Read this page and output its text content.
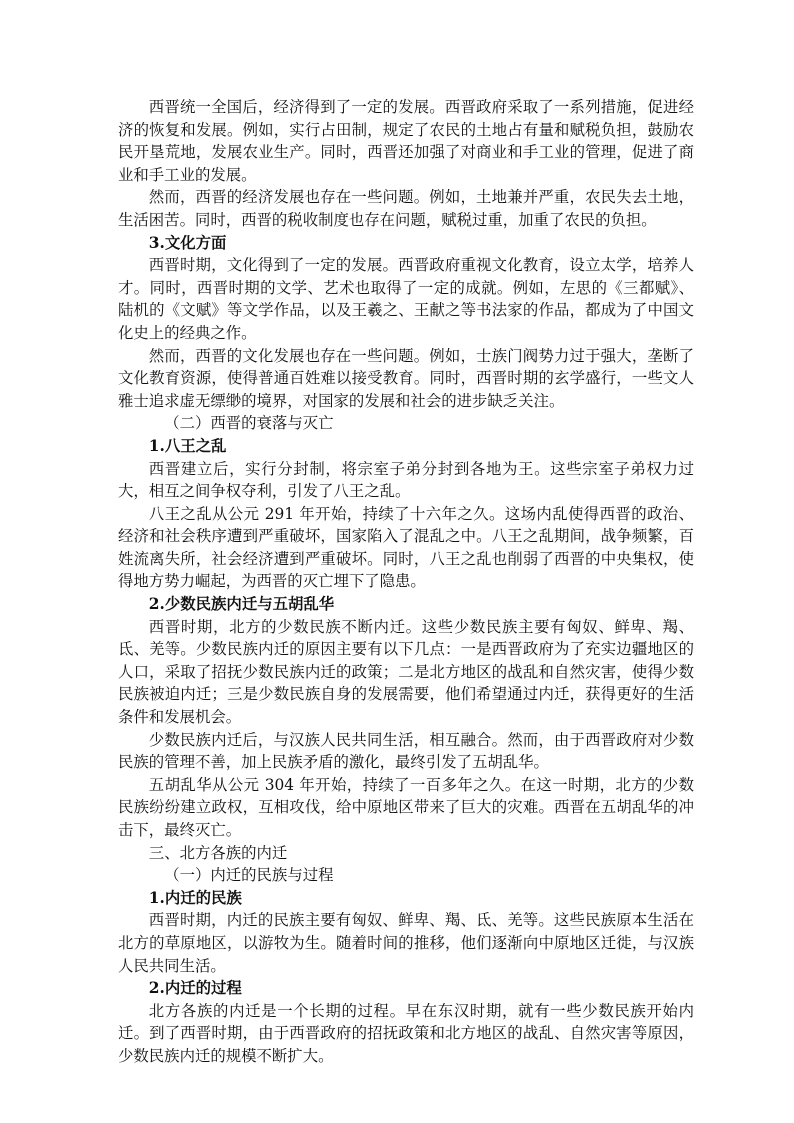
西晋统一全国后，经济得到了一定的发展。西晋政府采取了一系列措施，促进经济的恢复和发展。例如，实行占田制，规定了农民的土地占有量和赋税负担，鼓励农民开垦荒地，发展农业生产。同时，西晋还加强了对商业和手工业的管理，促进了商业和手工业的发展。

然而，西晋的经济发展也存在一些问题。例如，土地兼并严重，农民失去土地，生活困苦。同时，西晋的税收制度也存在问题，赋税过重，加重了农民的负担。

3.文化方面

西晋时期，文化得到了一定的发展。西晋政府重视文化教育，设立太学，培养人才。同时，西晋时期的文学、艺术也取得了一定的成就。例如，左思的《三都赋》、陆机的《文赋》等文学作品，以及王羲之、王献之等书法家的作品，都成为了中国文化史上的经典之作。

然而，西晋的文化发展也存在一些问题。例如，士族门阀势力过于强大，垄断了文化教育资源，使得普通百姓难以接受教育。同时，西晋时期的玄学盛行，一些文人雅士追求虚无缥缈的境界，对国家的发展和社会的进步缺乏关注。

（二）西晋的衰落与灭亡

1.八王之乱

西晋建立后，实行分封制，将宗室子弟分封到各地为王。这些宗室子弟权力过大，相互之间争权夺利，引发了八王之乱。

八王之乱从公元 291 年开始，持续了十六年之久。这场内乱使得西晋的政治、经济和社会秩序遭到严重破坏，国家陷入了混乱之中。八王之乱期间，战争频繁，百姓流离失所，社会经济遭到严重破坏。同时，八王之乱也削弱了西晋的中央集权，使得地方势力崛起，为西晋的灭亡埋下了隐患。

2.少数民族内迁与五胡乱华

西晋时期，北方的少数民族不断内迁。这些少数民族主要有匈奴、鲜卑、羯、氐、羌等。少数民族内迁的原因主要有以下几点：一是西晋政府为了充实边疆地区的人口，采取了招抚少数民族内迁的政策；二是北方地区的战乱和自然灾害，使得少数民族被迫内迁；三是少数民族自身的发展需要，他们希望通过内迁，获得更好的生活条件和发展机会。

少数民族内迁后，与汉族人民共同生活，相互融合。然而，由于西晋政府对少数民族的管理不善，加上民族矛盾的激化，最终引发了五胡乱华。

五胡乱华从公元 304 年开始，持续了一百多年之久。在这一时期，北方的少数民族纷纷建立政权，互相攻伐，给中原地区带来了巨大的灾难。西晋在五胡乱华的冲击下，最终灭亡。

三、北方各族的内迁

（一）内迁的民族与过程

1.内迁的民族

西晋时期，内迁的民族主要有匈奴、鲜卑、羯、氐、羌等。这些民族原本生活在北方的草原地区，以游牧为生。随着时间的推移，他们逐渐向中原地区迁徙，与汉族人民共同生活。

2.内迁的过程

北方各族的内迁是一个长期的过程。早在东汉时期，就有一些少数民族开始内迁。到了西晋时期，由于西晋政府的招抚政策和北方地区的战乱、自然灾害等原因，少数民族内迁的规模不断扩大。
